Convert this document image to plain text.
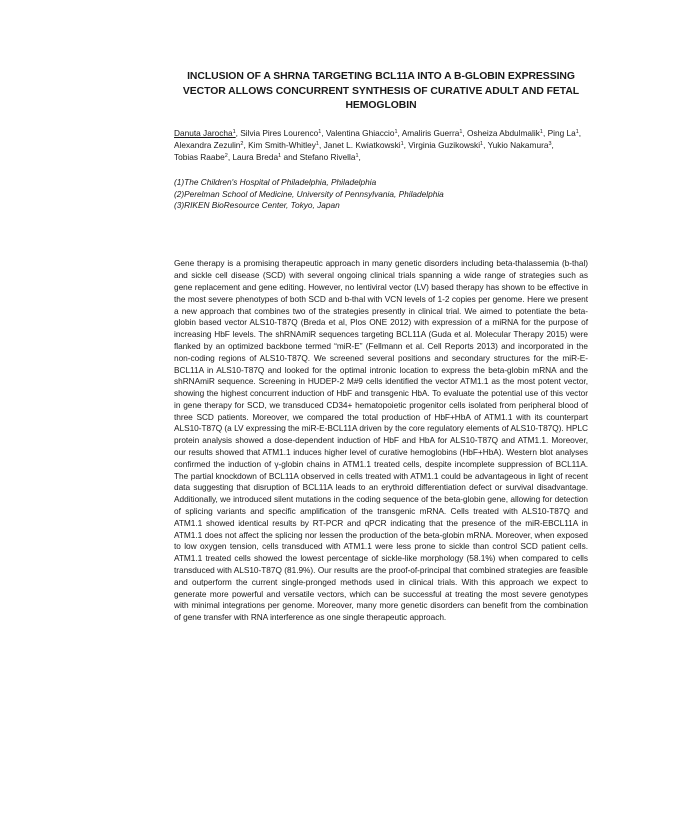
INCLUSION OF A SHRNA TARGETING BCL11A INTO A B-GLOBIN EXPRESSING
VECTOR ALLOWS CONCURRENT SYNTHESIS OF CURATIVE ADULT AND FETAL
HEMOGLOBIN
Danuta Jarocha$^1$, Silvia Pires Lourenco$^1$, Valentina Ghiaccio$^1$, Amaliris Guerra$^1$, Osheiza Abdulmalik$^1$, Ping La$^1$, Alexandra Zezulin$^2$, Kim Smith-Whitley$^1$, Janet L. Kwiatkowski$^1$, Virginia Guzikowski$^1$, Yukio Nakamura$^3$, Tobias Raabe$^2$, Laura Breda$^1$ and Stefano Rivella$^1$,
(1)The Children's Hospital of Philadelphia, Philadelphia
(2)Perelman School of Medicine, University of Pennsylvania, Philadelphia
(3)RIKEN BioResource Center, Tokyo, Japan

Gene therapy is a promising therapeutic approach in many genetic disorders including beta-thalassemia (b-thal) and sickle cell disease (SCD) with several ongoing clinical trials spanning a wide range of strategies such as gene replacement and gene editing. However, no lentiviral vector (LV) based therapy has shown to be effective in the most severe phenotypes of both SCD and b-thal with VCN levels of 1-2 copies per genome. Here we present a new approach that combines two of the strategies presently in clinical trial. We aimed to potentiate the beta-globin based vector ALS10-T87Q (Breda et al, Plos ONE 2012) with expression of a miRNA for the purpose of increasing HbF levels. The shRNAmiR sequences targeting BCL11A (Guda et al. Molecular Therapy 2015) were flanked by an optimized backbone termed “miR-E” (Fellmann et al. Cell Reports 2013) and incorporated in the non-coding regions of ALS10-T87Q. We screened several positions and secondary structures for the miR-E-BCL11A in ALS10-T87Q and looked for the optimal intronic location to express the beta-globin mRNA and the shRNAmiR sequence. Screening in HUDEP-2 M#9 cells identified the vector ATM1.1 as the most potent vector, showing the highest concurrent induction of HbF and transgenic HbA. To evaluate the potential use of this vector in gene therapy for SCD, we transduced CD34+ hematopoietic progenitor cells isolated from peripheral blood of three SCD patients. Moreover, we compared the total production of HbF+HbA of ATM1.1 with its counterpart ALS10-T87Q (a LV expressing the miR-E-BCL11A driven by the core regulatory elements of ALS10-T87Q). HPLC protein analysis showed a dose-dependent induction of HbF and HbA for ALS10-T87Q and ATM1.1. Moreover, our results showed that ATM1.1 induces higher level of curative hemoglobins (HbF+HbA). Western blot analyses confirmed the induction of γ-globin chains in ATM1.1 treated cells, despite incomplete suppression of BCL11A. The partial knockdown of BCL11A observed in cells treated with ATM1.1 could be advantageous in light of recent data suggesting that disruption of BCL11A leads to an erythroid differentiation defect or survival disadvantage. Additionally, we introduced silent mutations in the coding sequence of the beta-globin gene, allowing for detection of splicing variants and specific amplification of the transgenic mRNA. Cells treated with ALS10-T87Q and ATM1.1 showed identical results by RT-PCR and qPCR indicating that the presence of the miR-EBCL11A in ATM1.1 does not affect the splicing nor lessen the production of the beta-globin mRNA. Moreover, when exposed to low oxygen tension, cells transduced with ATM1.1 were less prone to sickle than control SCD patient cells. ATM1.1 treated cells showed the lowest percentage of sickle-like morphology (58.1%) when compared to cells transduced with ALS10-T87Q (81.9%). Our results are the proof-of-principal that combined strategies are feasible and outperform the current single-pronged methods used in clinical trials. With this approach we expect to generate more powerful and versatile vectors, which can be successful at treating the most severe genotypes with minimal integrations per genome. Moreover, many more genetic disorders can benefit from the combination of gene transfer with RNA interference as one single therapeutic approach.
